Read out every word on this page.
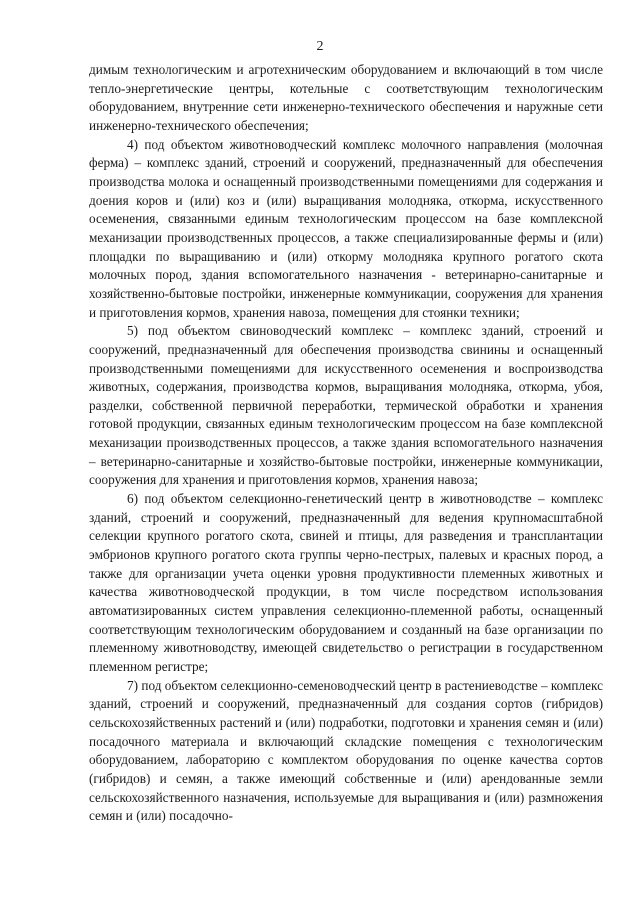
2

димым технологическим и агротехническим оборудованием и включающий в том числе тепло-энергетические центры, котельные с соответствующим технологическим оборудованием, внутренние сети инженерно-технического обеспечения и наружные сети инженерно-технического обеспечения;

4) под объектом животноводческий комплекс молочного направления (молочная ферма) – комплекс зданий, строений и сооружений, предназначенный для обеспечения производства молока и оснащенный производственными помещениями для содержания и доения коров и (или) коз и (или) выращивания молодняка, откорма, искусственного осеменения, связанными единым технологическим процессом на базе комплексной механизации производственных процессов, а также специализированные фермы и (или) площадки по выращиванию и (или) откорму молодняка крупного рогатого скота молочных пород, здания вспомогательного назначения - ветеринарно-санитарные и хозяйственно-бытовые постройки, инженерные коммуникации, сооружения для хранения и приготовления кормов, хранения навоза, помещения для стоянки техники;

5) под объектом свиноводческий комплекс – комплекс зданий, строений и сооружений, предназначенный для обеспечения производства свинины и оснащенный производственными помещениями для искусственного осеменения и воспроизводства животных, содержания, производства кормов, выращивания молодняка, откорма, убоя, разделки, собственной первичной переработки, термической обработки и хранения готовой продукции, связанных единым технологическим процессом на базе комплексной механизации производственных процессов, а также здания вспомогательного назначения – ветеринарно-санитарные и хозяйство-бытовые постройки, инженерные коммуникации, сооружения для хранения и приготовления кормов, хранения навоза;

6) под объектом селекционно-генетический центр в животноводстве – комплекс зданий, строений и сооружений, предназначенный для ведения крупномасштабной селекции крупного рогатого скота, свиней и птицы, для разведения и трансплантации эмбрионов крупного рогатого скота группы черно-пестрых, палевых и красных пород, а также для организации учета оценки уровня продуктивности племенных животных и качества животноводческой продукции, в том числе посредством использования автоматизированных систем управления селекционно-племенной работы, оснащенный соответствующим технологическим оборудованием и созданный на базе организации по племенному животноводству, имеющей свидетельство о регистрации в государственном племенном регистре;

7) под объектом селекционно-семеноводческий центр в растениеводстве – комплекс зданий, строений и сооружений, предназначенный для создания сортов (гибридов) сельскохозяйственных растений и (или) подработки, подготовки и хранения семян и (или) посадочного материала и включающий складские помещения с технологическим оборудованием, лабораторию с комплектом оборудования по оценке качества сортов (гибридов) и семян, а также имеющий собственные и (или) арендованные земли сельскохозяйственного назначения, используемые для выращивания и (или) размножения семян и (или) посадочно-
